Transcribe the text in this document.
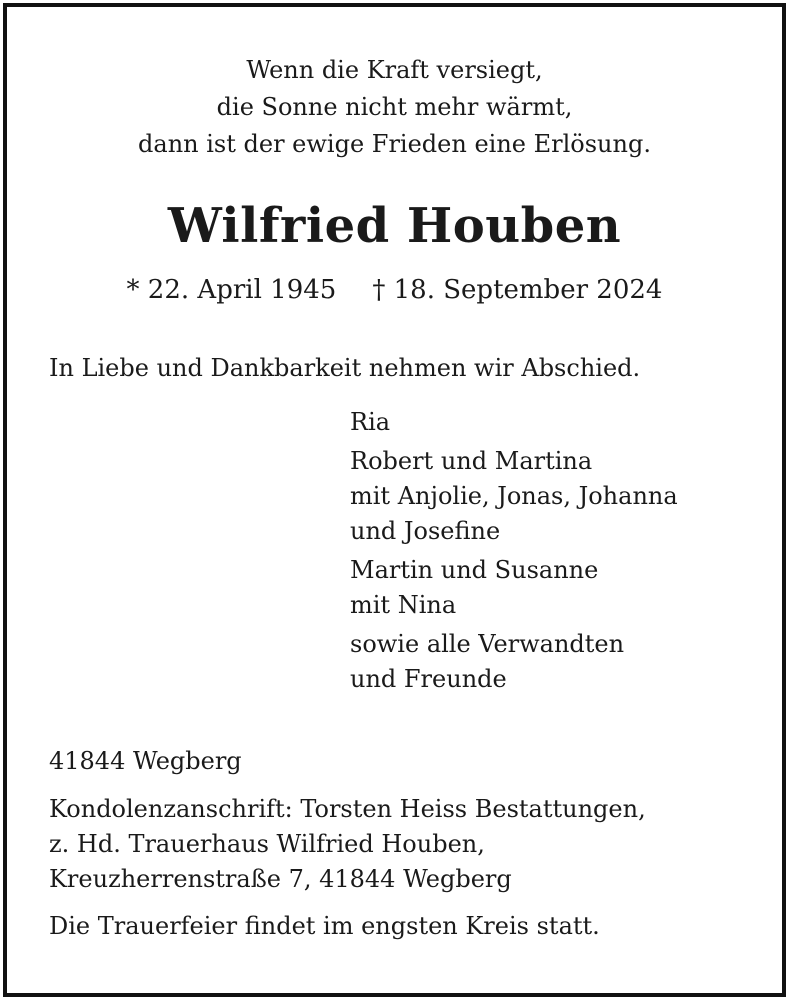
Wenn die Kraft versiegt,
die Sonne nicht mehr wärmt,
dann ist der ewige Frieden eine Erlösung.
Wilfried Houben
* 22. April 1945 † 18. September 2024
In Liebe und Dankbarkeit nehmen wir Abschied.
Ria
Robert und Martina
mit Anjolie, Jonas, Johanna
und Josefine
Martin und Susanne
mit Nina
sowie alle Verwandten
und Freunde
41844 Wegberg
Kondolenzanschrift: Torsten Heiss Bestattungen,
z. Hd. Trauerhaus Wilfried Houben,
Kreuzherrenstraße 7, 41844 Wegberg
Die Trauerfeier findet im engsten Kreis statt.
